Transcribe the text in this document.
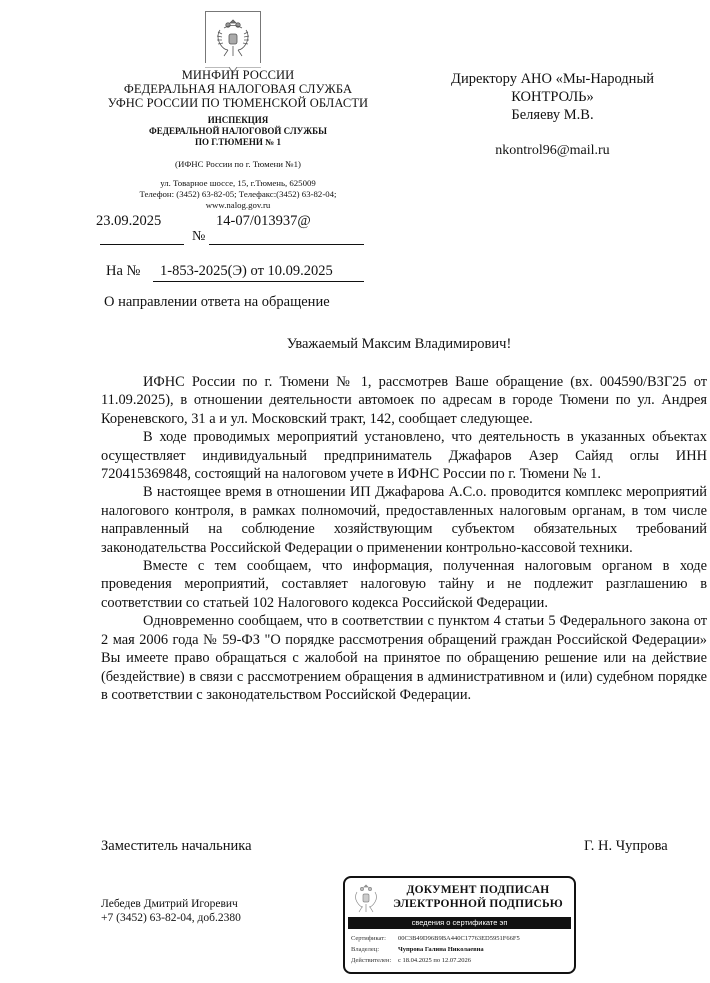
МИНФИН РОССИИ
ФЕДЕРАЛЬНАЯ НАЛОГОВАЯ СЛУЖБА
УФНС РОССИИ ПО ТЮМЕНСКОЙ ОБЛАСТИ
ИНСПЕКЦИЯ
ФЕДЕРАЛЬНОЙ НАЛОГОВОЙ СЛУЖБЫ
ПО Г.ТЮМЕНИ № 1
(ИФНС России по г. Тюмени №1)
ул. Товарное шоссе, 15, г.Тюмень, 625009
Телефон: (3452) 63-82-05; Телефакс:(3452) 63-82-04;
www.nalog.gov.ru
Директору АНО «Мы-Народный
КОНТРОЛЬ»
Беляеву М.В.
nkontrol96@mail.ru
23.09.2025	14-07/013937@
№
На № 1-853-2025(Э) от 10.09.2025
О направлении ответа на обращение
Уважаемый Максим Владимирович!

ИФНС России по г. Тюмени № 1, рассмотрев Ваше обращение (вх. 004590/ВЗГ25 от 11.09.2025), в отношении деятельности автомоек по адресам в городе Тюмени по ул. Андрея Кореневского, 31 а и ул. Московский тракт, 142, сообщает следующее.

В ходе проводимых мероприятий установлено, что деятельность в указанных объектах осуществляет индивидуальный предприниматель Джафаров Азер Сайяд оглы ИНН 720415369848, состоящий на налоговом учете в ИФНС России по г. Тюмени № 1.

В настоящее время в отношении ИП Джафарова А.С.о. проводится комплекс мероприятий налогового контроля, в рамках полномочий, предоставленных налоговым органам, в том числе направленный на соблюдение хозяйствующим субъектом обязательных требований законодательства Российской Федерации о применении контрольно-кассовой техники.

Вместе с тем сообщаем, что информация, полученная налоговым органом в ходе проведения мероприятий, составляет налоговую тайну и не подлежит разглашению в соответствии со статьей 102 Налогового кодекса Российской Федерации.

Одновременно сообщаем, что в соответствии с пунктом 4 статьи 5 Федерального закона от 2 мая 2006 года № 59-ФЗ "О порядке рассмотрения обращений граждан Российской Федерации» Вы имеете право обращаться с жалобой на принятое по обращению решение или на действие (бездействие) в связи с рассмотрением обращения в административном и (или) судебном порядке в соответствии с законодательством Российской Федерации.

Заместитель начальника	Г. Н. Чупрова
Лебедев Дмитрий Игоревич
+7 (3452) 63-82-04, доб.2380
ДОКУМЕНТ ПОДПИСАН
ЭЛЕКТРОННОЙ ПОДПИСЬЮ
сведения о сертификате эп
Сертификат: 00C3B49D96B9BA440C17763ED5951F66F5
Владелец:	Чупрова Галина Николаевна
Действителен: с 18.04.2025 по 12.07.2026
